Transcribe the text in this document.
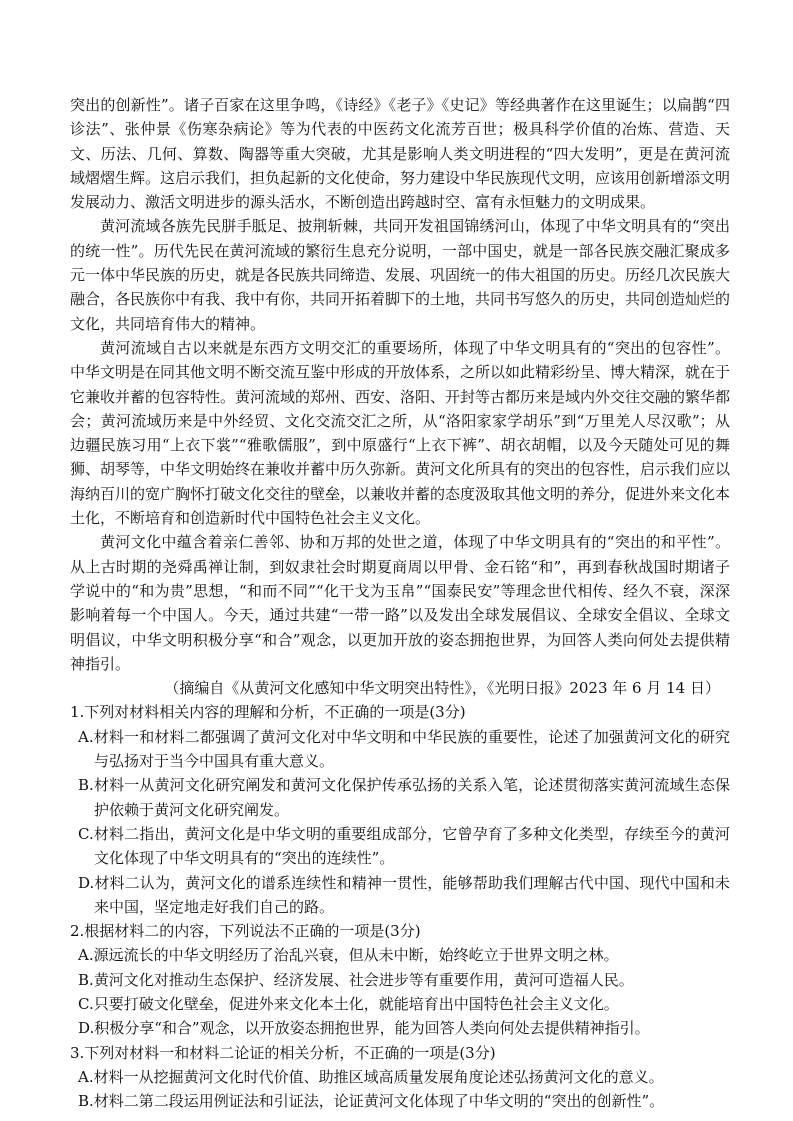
突出的创新性”。诸子百家在这里争鸣，《诗经》《老子》《史记》等经典著作在这里诞生；以扁鹊“四诊法”、张仲景《伤寒杂病论》等为代表的中医药文化流芳百世；极具科学价值的冶炼、营造、天文、历法、几何、算数、陶器等重大突破，尤其是影响人类文明进程的“四大发明”，更是在黄河流域熠熠生辉。这启示我们，担负起新的文化使命，努力建设中华民族现代文明，应该用创新增添文明发展动力、激活文明进步的源头活水，不断创造出跨越时空、富有永恒魅力的文明成果。

黄河流域各族先民胼手胝足、披荆斩棘，共同开发祖国锦绣河山，体现了中华文明具有的“突出的统一性”。历代先民在黄河流域的繁衍生息充分说明，一部中国史，就是一部各民族交融汇聚成多元一体中华民族的历史，就是各民族共同缔造、发展、巩固统一的伟大祖国的历史。历经几次民族大融合，各民族你中有我、我中有你，共同开拓着脚下的土地，共同书写悠久的历史，共同创造灿烂的文化，共同培育伟大的精神。

黄河流域自古以来就是东西方文明交汇的重要场所，体现了中华文明具有的“突出的包容性”。中华文明是在同其他文明不断交流互鉴中形成的开放体系，之所以如此精彩纷呈、博大精深，就在于它兼收并蓄的包容特性。黄河流域的郑州、西安、洛阳、开封等古都历来是域内外交往交融的繁华都会；黄河流域历来是中外经贸、文化交流交汇之所，从“洛阳家家学胡乐”到“万里羌人尽汉歌”；从边疆民族习用“上衣下裳”“雅歌儒服”，到中原盛行“上衣下裤”、胡衣胡帽，以及今天随处可见的舞狮、胡琴等，中华文明始终在兼收并蓄中历久弥新。黄河文化所具有的突出的包容性，启示我们应以海纳百川的宽广胸怀打破文化交往的壁垒，以兼收并蓄的态度汲取其他文明的养分，促进外来文化本土化，不断培育和创造新时代中国特色社会主义文化。

黄河文化中蕴含着亲仁善邻、协和万邦的处世之道，体现了中华文明具有的“突出的和平性”。从上古时期的尧舜禹禅让制，到奴隶社会时期夏商周以甲骨、金石铭“和”，再到春秋战国时期诸子学说中的“和为贵”思想，“和而不同”“化干戈为玉帛”“国泰民安”等理念世代相传、经久不衰，深深影响着每一个中国人。今天，通过共建“一带一路”以及发出全球发展倡议、全球安全倡议、全球文明倡议，中华文明积极分享“和合”观念，以更加开放的姿态拥抱世界，为回答人类向何处去提供精神指引。

（摘编自《从黄河文化感知中华文明突出特性》，《光明日报》2023 年 6 月 14 日）

1.下列对材料相关内容的理解和分析，不正确的一项是(3分)

A.材料一和材料二都强调了黄河文化对中华文明和中华民族的重要性，论述了加强黄河文化的研究与弘扬对于当今中国具有重大意义。

B.材料一从黄河文化研究阐发和黄河文化保护传承弘扬的关系入笔，论述贯彻落实黄河流域生态保护依赖于黄河文化研究阐发。

C.材料二指出，黄河文化是中华文明的重要组成部分，它曾孕育了多种文化类型，存续至今的黄河文化体现了中华文明具有的“突出的连续性”。

D.材料二认为，黄河文化的谱系连续性和精神一贯性，能够帮助我们理解古代中国、现代中国和未来中国，坚定地走好我们自己的路。

2.根据材料二的内容，下列说法不正确的一项是(3分)

A.源远流长的中华文明经历了治乱兴衰，但从未中断，始终屹立于世界文明之林。

B.黄河文化对推动生态保护、经济发展、社会进步等有重要作用，黄河可造福人民。

C.只要打破文化壁垒，促进外来文化本土化，就能培育出中国特色社会主义文化。

D.积极分享“和合”观念，以开放姿态拥抱世界，能为回答人类向何处去提供精神指引。

3.下列对材料一和材料二论证的相关分析，不正确的一项是(3分)

A.材料一从挖掘黄河文化时代价值、助推区域高质量发展角度论述弘扬黄河文化的意义。

B.材料二第二段运用例证法和引证法，论证黄河文化体现了中华文明的“突出的创新性”。
